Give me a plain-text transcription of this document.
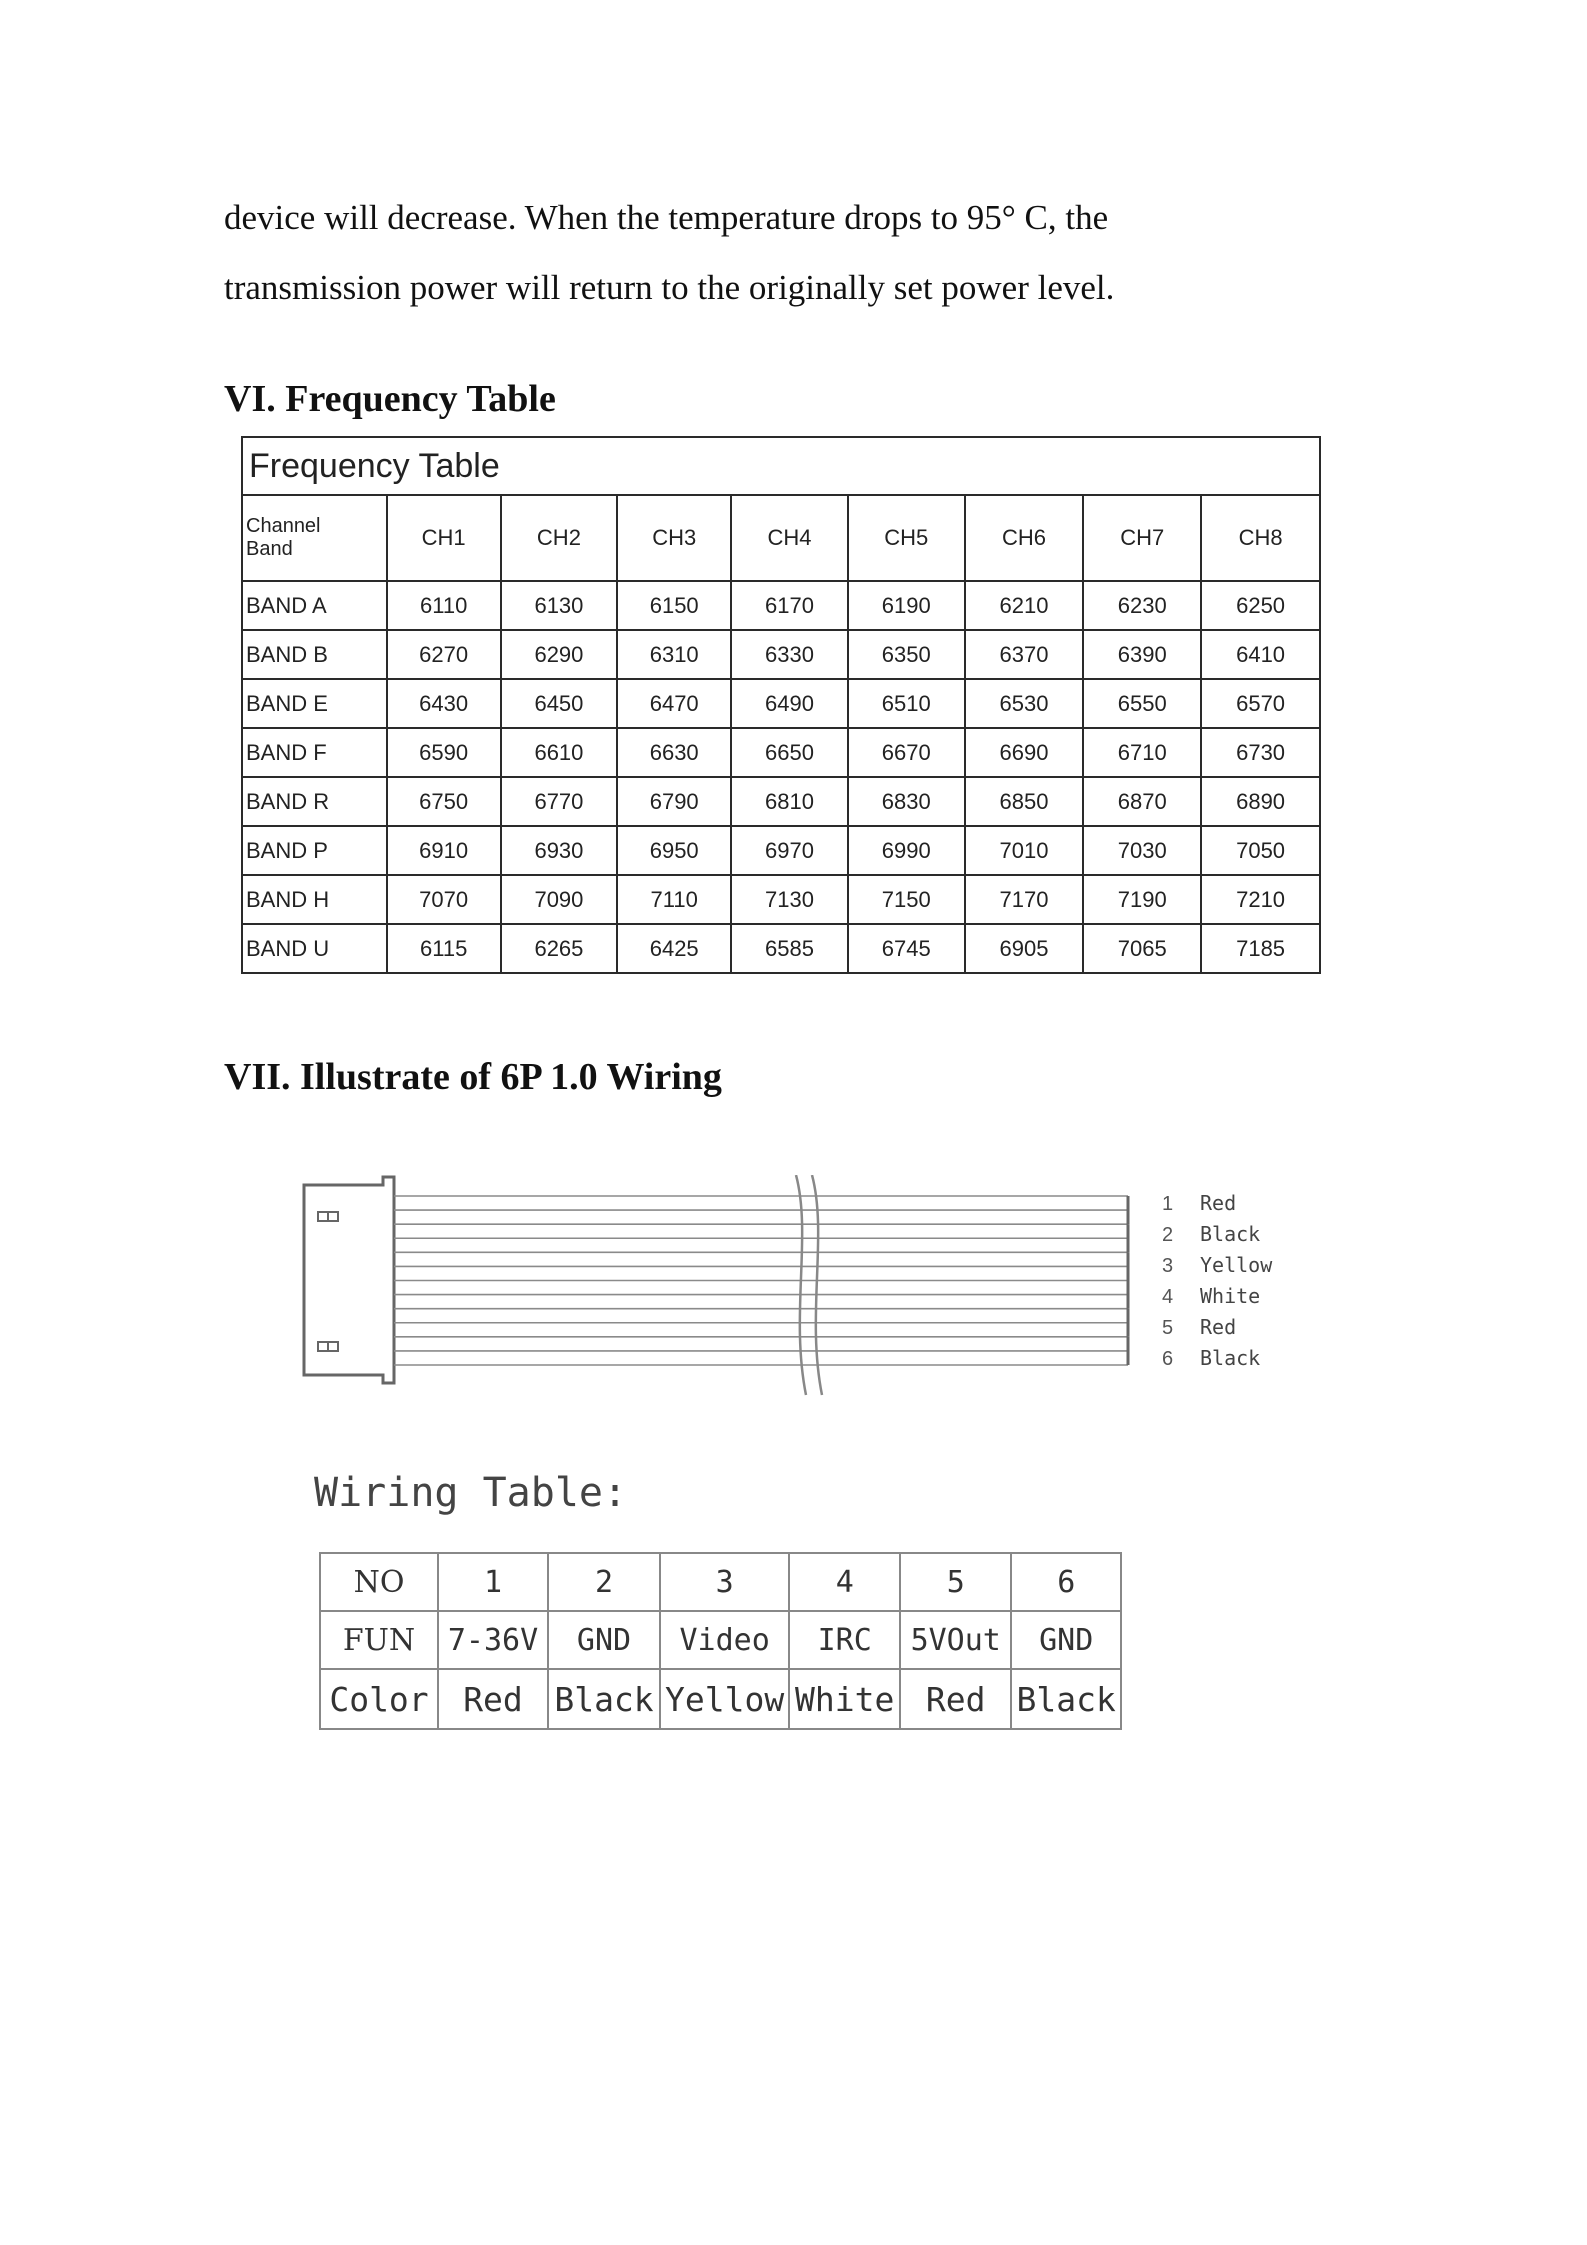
device will decrease. When the temperature drops to 95° C, the
transmission power will return to the originally set power level.
VI. Frequency Table
Frequency Table								

Channel
Band	CH1	CH2	CH3	CH4	CH5	CH6	CH7	CH8
BAND A	6110	6130	6150	6170	6190	6210	6230	6250
BAND B	6270	6290	6310	6330	6350	6370	6390	6410
BAND E	6430	6450	6470	6490	6510	6530	6550	6570
BAND F	6590	6610	6630	6650	6670	6690	6710	6730
BAND R	6750	6770	6790	6810	6830	6850	6870	6890
BAND P	6910	6930	6950	6970	6990	7010	7030	7050
BAND H	7070	7090	7110	7130	7150	7170	7190	7210
BAND U	6115	6265	6425	6585	6745	6905	7065	7185
VII. Illustrate of 6P 1.0 Wiring
1 Red
2 Black
3 Yellow
4 White
5 Red
6 Black
Wiring Table:
NO	1	2	3	4	5	6
FUN	7-36V	GND	Video	IRC	5VOut	GND
Color	Red	Black	Yellow	White	Red	Black
